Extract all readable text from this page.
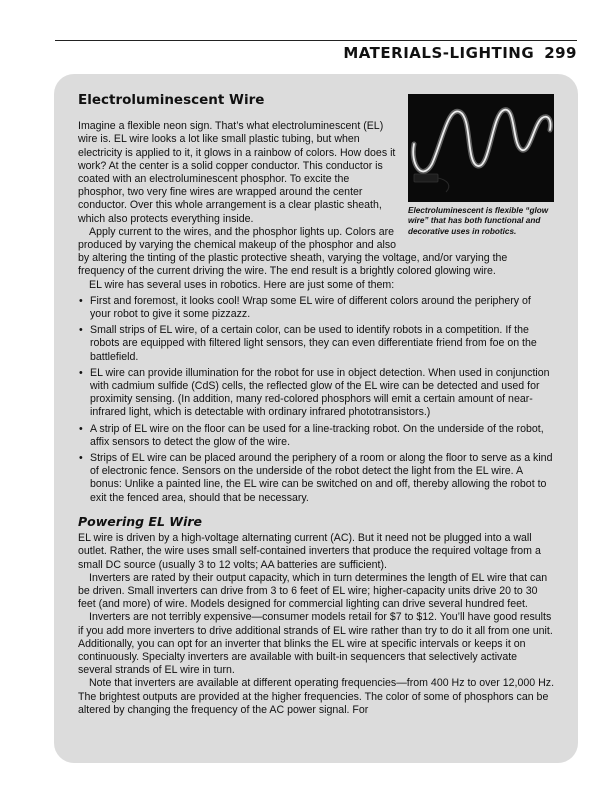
MATERIALS-LIGHTING 299
Electroluminescent is flexible “glow wire” that has both functional and decorative uses in robotics.
Electroluminescent Wire

Imagine a flexible neon sign. That’s what electroluminescent (EL) wire is. EL wire looks a lot like small plastic tubing, but when electricity is applied to it, it glows in a rainbow of colors. How does it work? At the center is a solid copper conductor. This conductor is coated with an electroluminescent phosphor. To excite the phosphor, two very fine wires are wrapped around the center conductor. Over this whole arrangement is a clear plastic sheath, which also protects everything inside.

Apply current to the wires, and the phosphor lights up. Colors are produced by varying the chemical makeup of the phosphor and also by altering the tinting of the plastic protective sheath, varying the voltage, and/or varying the frequency of the current driving the wire. The end result is a brightly colored glowing wire.

EL wire has several uses in robotics. Here are just some of them:

• First and foremost, it looks cool! Wrap some EL wire of different colors around the periphery of your robot to give it some pizzazz.
• Small strips of EL wire, of a certain color, can be used to identify robots in a competition. If the robots are equipped with filtered light sensors, they can even differentiate friend from foe on the battlefield.
• EL wire can provide illumination for the robot for use in object detection. When used in conjunction with cadmium sulfide (CdS) cells, the reflected glow of the EL wire can be detected and used for proximity sensing. (In addition, many red-colored phosphors will emit a certain amount of near-infrared light, which is detectable with ordinary infrared phototransistors.)
• A strip of EL wire on the floor can be used for a line-tracking robot. On the underside of the robot, affix sensors to detect the glow of the wire.
• Strips of EL wire can be placed around the periphery of a room or along the floor to serve as a kind of electronic fence. Sensors on the underside of the robot detect the light from the EL wire. A bonus: Unlike a painted line, the EL wire can be switched on and off, thereby allowing the robot to exit the fenced area, should that be necessary.
Powering EL Wire

EL wire is driven by a high-voltage alternating current (AC). But it need not be plugged into a wall outlet. Rather, the wire uses small self-contained inverters that produce the required voltage from a small DC source (usually 3 to 12 volts; AA batteries are sufficient).

Inverters are rated by their output capacity, which in turn determines the length of EL wire that can be driven. Small inverters can drive from 3 to 6 feet of EL wire; higher-capacity units drive 20 to 30 feet (and more) of wire. Models designed for commercial lighting can drive several hundred feet.

Inverters are not terribly expensive—consumer models retail for $7 to $12. You’ll have good results if you add more inverters to drive additional strands of EL wire rather than try to do it all from one unit. Additionally, you can opt for an inverter that blinks the EL wire at specific intervals or keeps it on continuously. Specialty inverters are available with built-in sequencers that selectively activate several strands of EL wire in turn.

Note that inverters are available at different operating frequencies—from 400 Hz to over 12,000 Hz. The brightest outputs are provided at the higher frequencies. The color of some of phosphors can be altered by changing the frequency of the AC power signal. For
